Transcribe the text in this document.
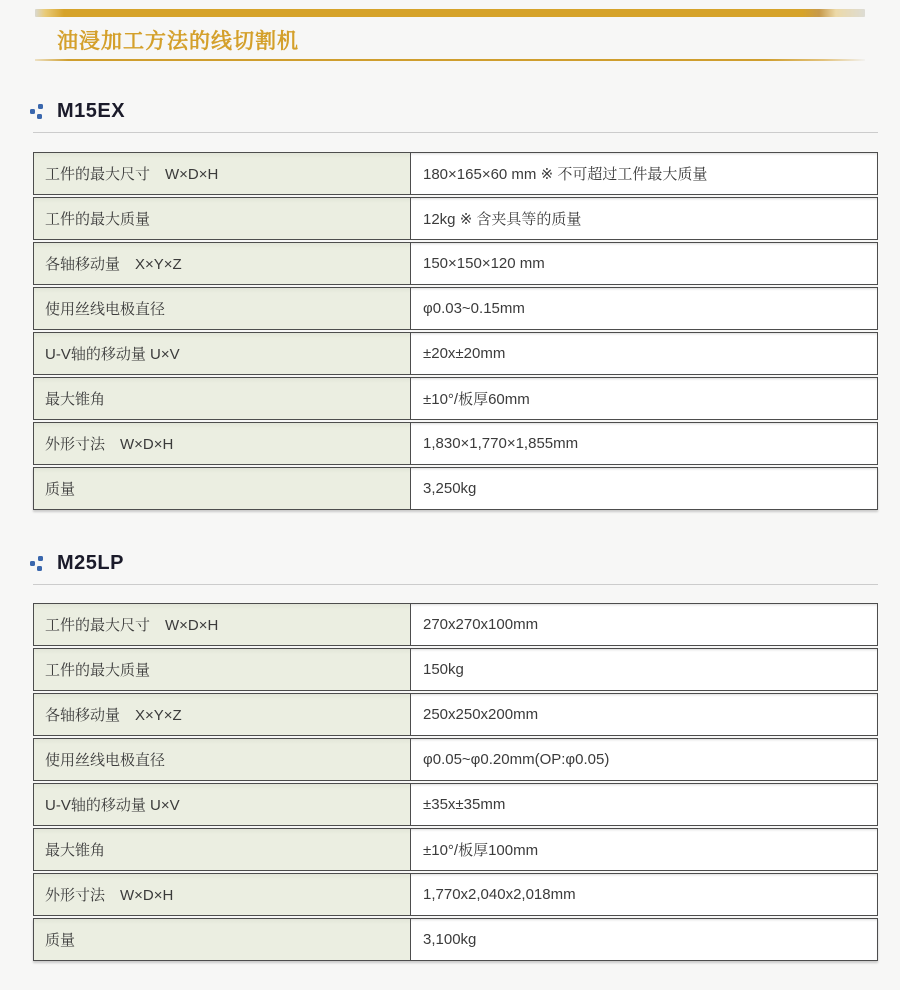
油浸加工方法的线切割机
M15EX
工件的最大尺寸　W×D×H	180×165×60 mm ※ 不可超过工件最大质量
工件的最大质量	12kg ※ 含夹具等的质量
各轴移动量　X×Y×Z	150×150×120 mm
使用丝线电极直径	φ0.03~0.15mm
U-V轴的移动量 U×V	±20x±20mm
最大锥角	±10°/板厚60mm
外形寸法　W×D×H	1,830×1,770×1,855mm
质量	3,250kg
M25LP
工件的最大尺寸　W×D×H	270x270x100mm
工件的最大质量	150kg
各轴移动量　X×Y×Z	250x250x200mm
使用丝线电极直径	φ0.05~φ0.20mm(OP:φ0.05)
U-V轴的移动量 U×V	±35x±35mm
最大锥角	±10°/板厚100mm
外形寸法　W×D×H	1,770x2,040x2,018mm
质量	3,100kg
